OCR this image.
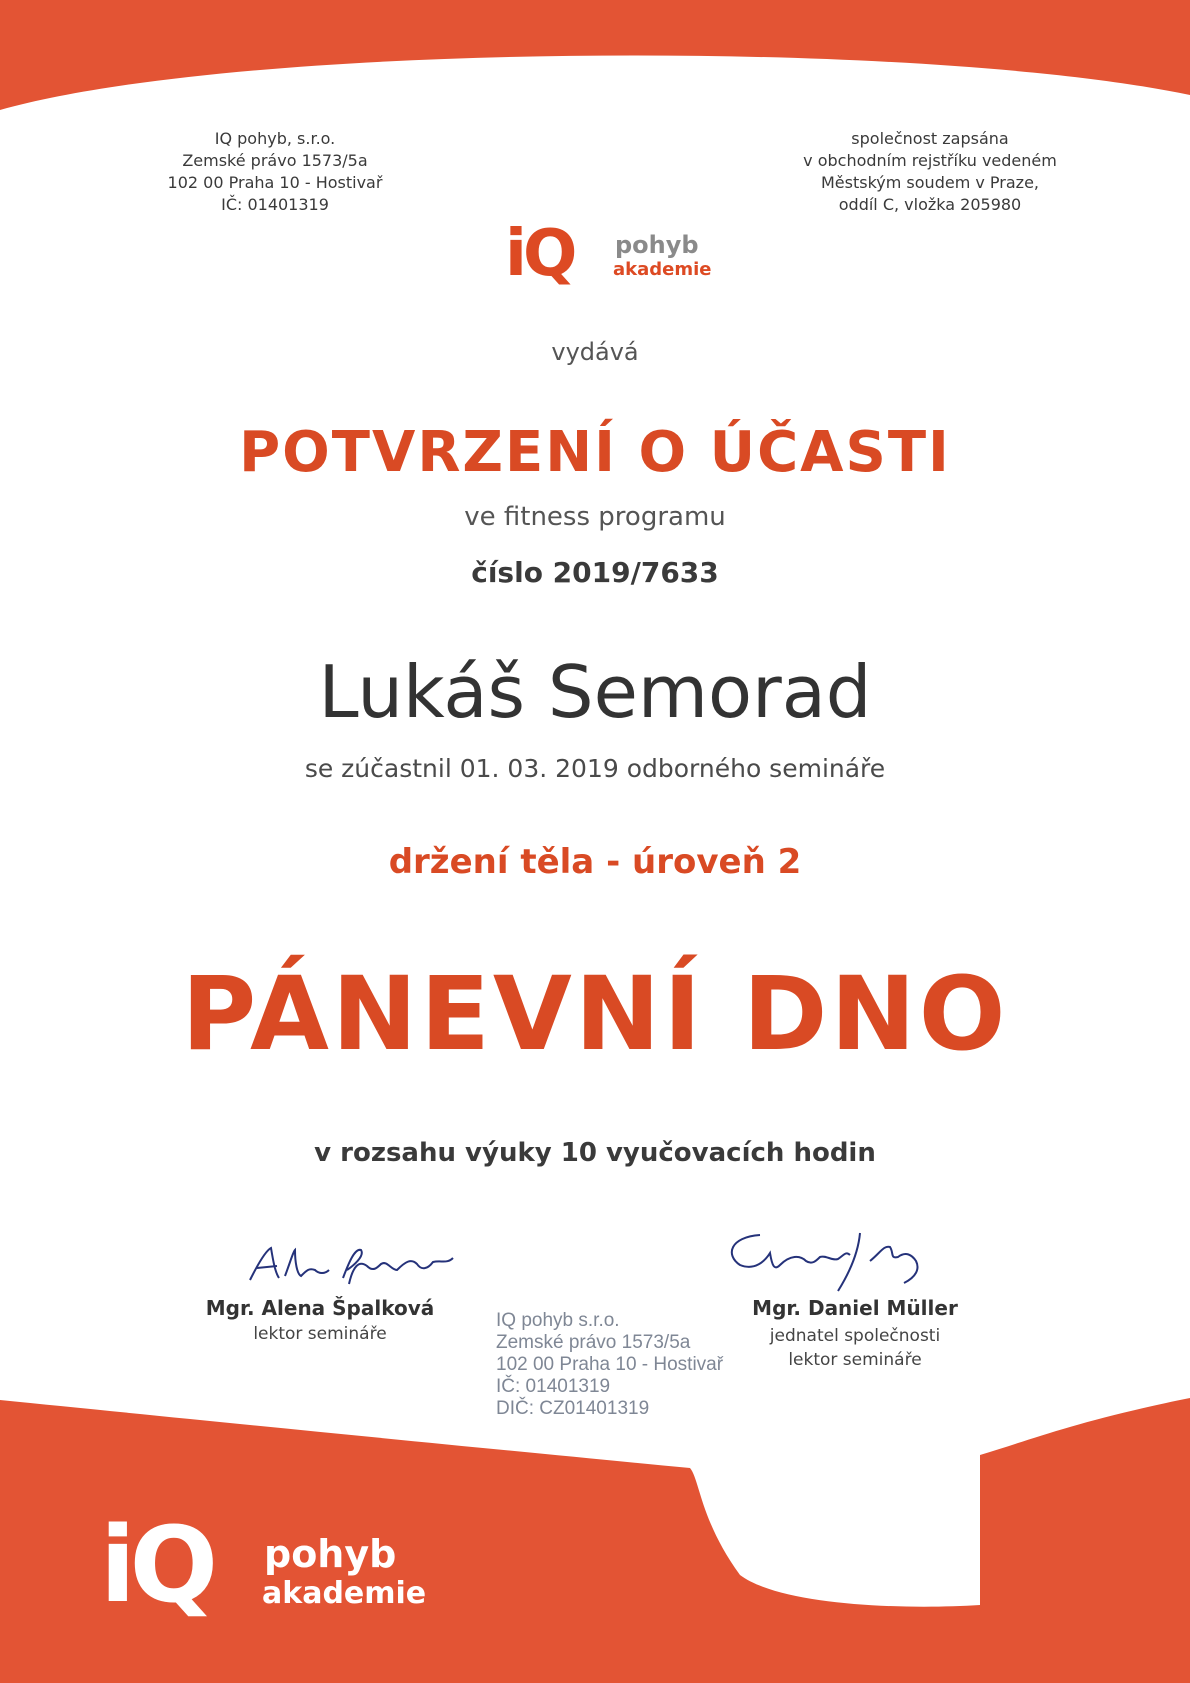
IQ pohyb, s.r.o.
Zemské právo 1573/5a
102 00 Praha 10 - Hostivař
IČ: 01401319
společnost zapsána
v obchodním rejstříku vedeném
Městským soudem v Praze,
oddíl C, vložka 205980
iQ pohyb
akademie
vydává
POTVRZENÍ O ÚČASTI
ve fitness programu
číslo 2019/7633
Lukáš Semorad
se zúčastnil 01. 03. 2019 odborného semináře
držení těla - úroveň 2
PÁNEVNÍ DNO
v rozsahu výuky 10 vyučovacích hodin
Mgr. Alena Špalková
lektor semináře
Mgr. Daniel Müller
jednatel společnosti
lektor semináře
IQ pohyb s.r.o.
Zemské právo 1573/5a
102 00 Praha 10 - Hostivař
IČ: 01401319
DIČ: CZ01401319
iQ pohyb
akademie
